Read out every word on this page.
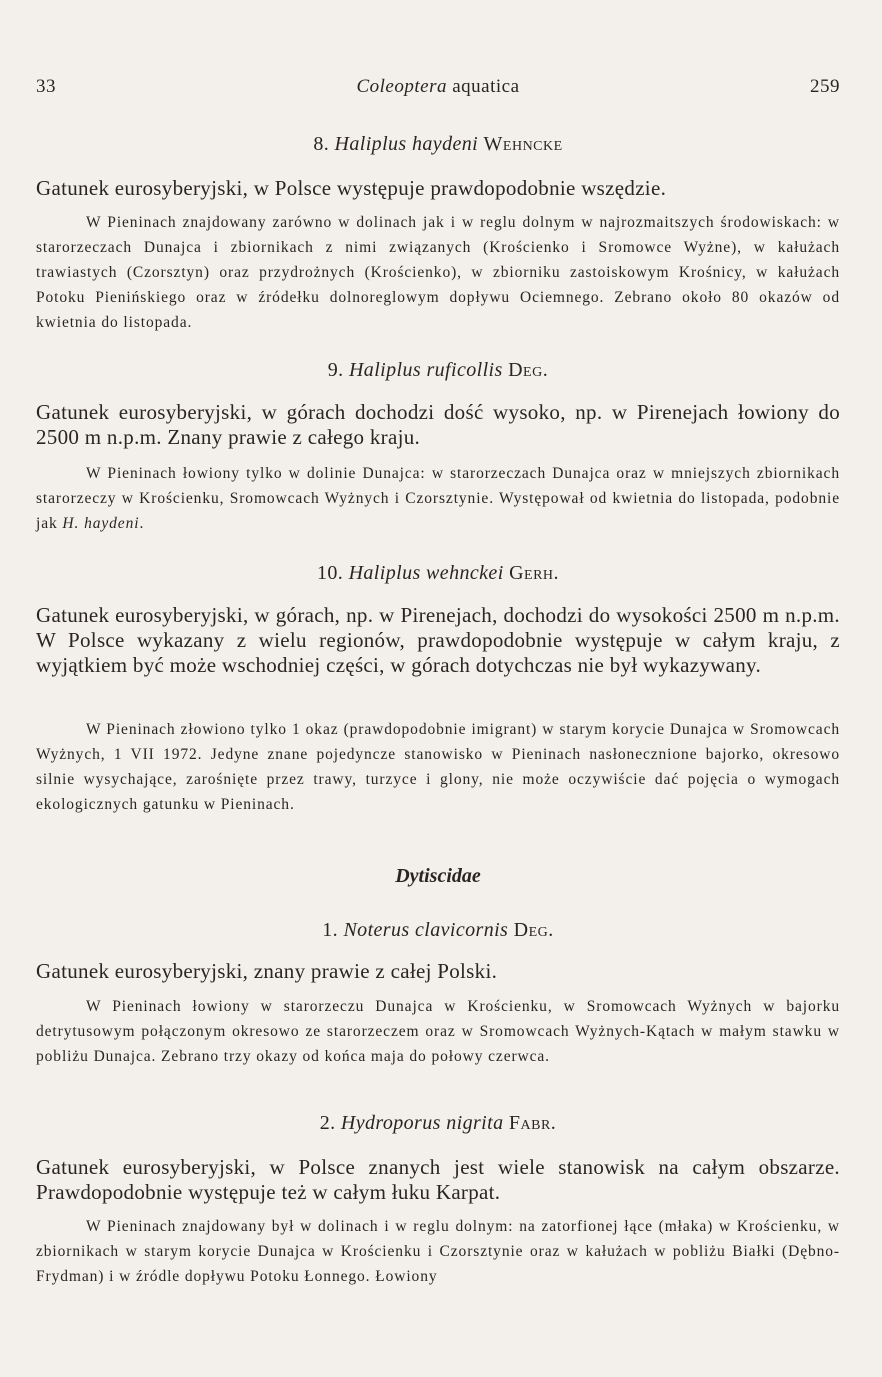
33	Coleoptera aquatica	259
8. Haliplus haydeni Wehncke

Gatunek eurosyberyjski, w Polsce występuje prawdopodobnie wszędzie.

W Pieninach znajdowany zarówno w dolinach jak i w reglu dolnym w najrozmaitszych środowiskach: w starorzeczach Dunajca i zbiornikach z nimi związanych (Krościenko i Sromowce Wyżne), w kałużach trawiastych (Czorsztyn) oraz przydrożnych (Krościenko), w zbiorniku zastoiskowym Krośnicy, w kałużach Potoku Pienińskiego oraz w źródełku dolnoreglowym dopływu Ociemnego. Zebrano około 80 okazów od kwietnia do listopada.

9. Haliplus ruficollis Deg.

Gatunek eurosyberyjski, w górach dochodzi dość wysoko, np. w Pirenejach łowiony do 2500 m n.p.m. Znany prawie z całego kraju.

W Pieninach łowiony tylko w dolinie Dunajca: w starorzeczach Dunajca oraz w mniejszych zbiornikach starorzeczy w Krościenku, Sromowcach Wyżnych i Czorsztynie. Występował od kwietnia do listopada, podobnie jak H. haydeni.

10. Haliplus wehnckei Gerh.

Gatunek eurosyberyjski, w górach, np. w Pirenejach, dochodzi do wysokości 2500 m n.p.m. W Polsce wykazany z wielu regionów, prawdopodobnie występuje w całym kraju, z wyjątkiem być może wschodniej części, w górach dotychczas nie był wykazywany.

W Pieninach złowiono tylko 1 okaz (prawdopodobnie imigrant) w starym korycie Dunajca w Sromowcach Wyżnych, 1 VII 1972. Jedyne znane pojedyncze stanowisko w Pieninach nasłonecznione bajorko, okresowo silnie wysychające, zarośnięte przez trawy, turzyce i glony, nie może oczywiście dać pojęcia o wymogach ekologicznych gatunku w Pieninach.

Dytiscidae
1. Noterus clavicornis Deg.

Gatunek eurosyberyjski, znany prawie z całej Polski.

W Pieninach łowiony w starorzeczu Dunajca w Krościenku, w Sromowcach Wyżnych w bajorku detrytusowym połączonym okresowo ze starorzeczem oraz w Sromowcach Wyżnych-Kątach w małym stawku w pobliżu Dunajca. Zebrano trzy okazy od końca maja do połowy czerwca.

2. Hydroporus nigrita Fabr.

Gatunek eurosyberyjski, w Polsce znanych jest wiele stanowisk na całym obszarze. Prawdopodobnie występuje też w całym łuku Karpat.

W Pieninach znajdowany był w dolinach i w reglu dolnym: na zatorfionej łące (młaka) w Krościenku, w zbiornikach w starym korycie Dunajca w Krościenku i Czorsztynie oraz w kałużach w pobliżu Białki (Dębno-Frydman) i w źródle dopływu Potoku Łonnego. Łowiony
